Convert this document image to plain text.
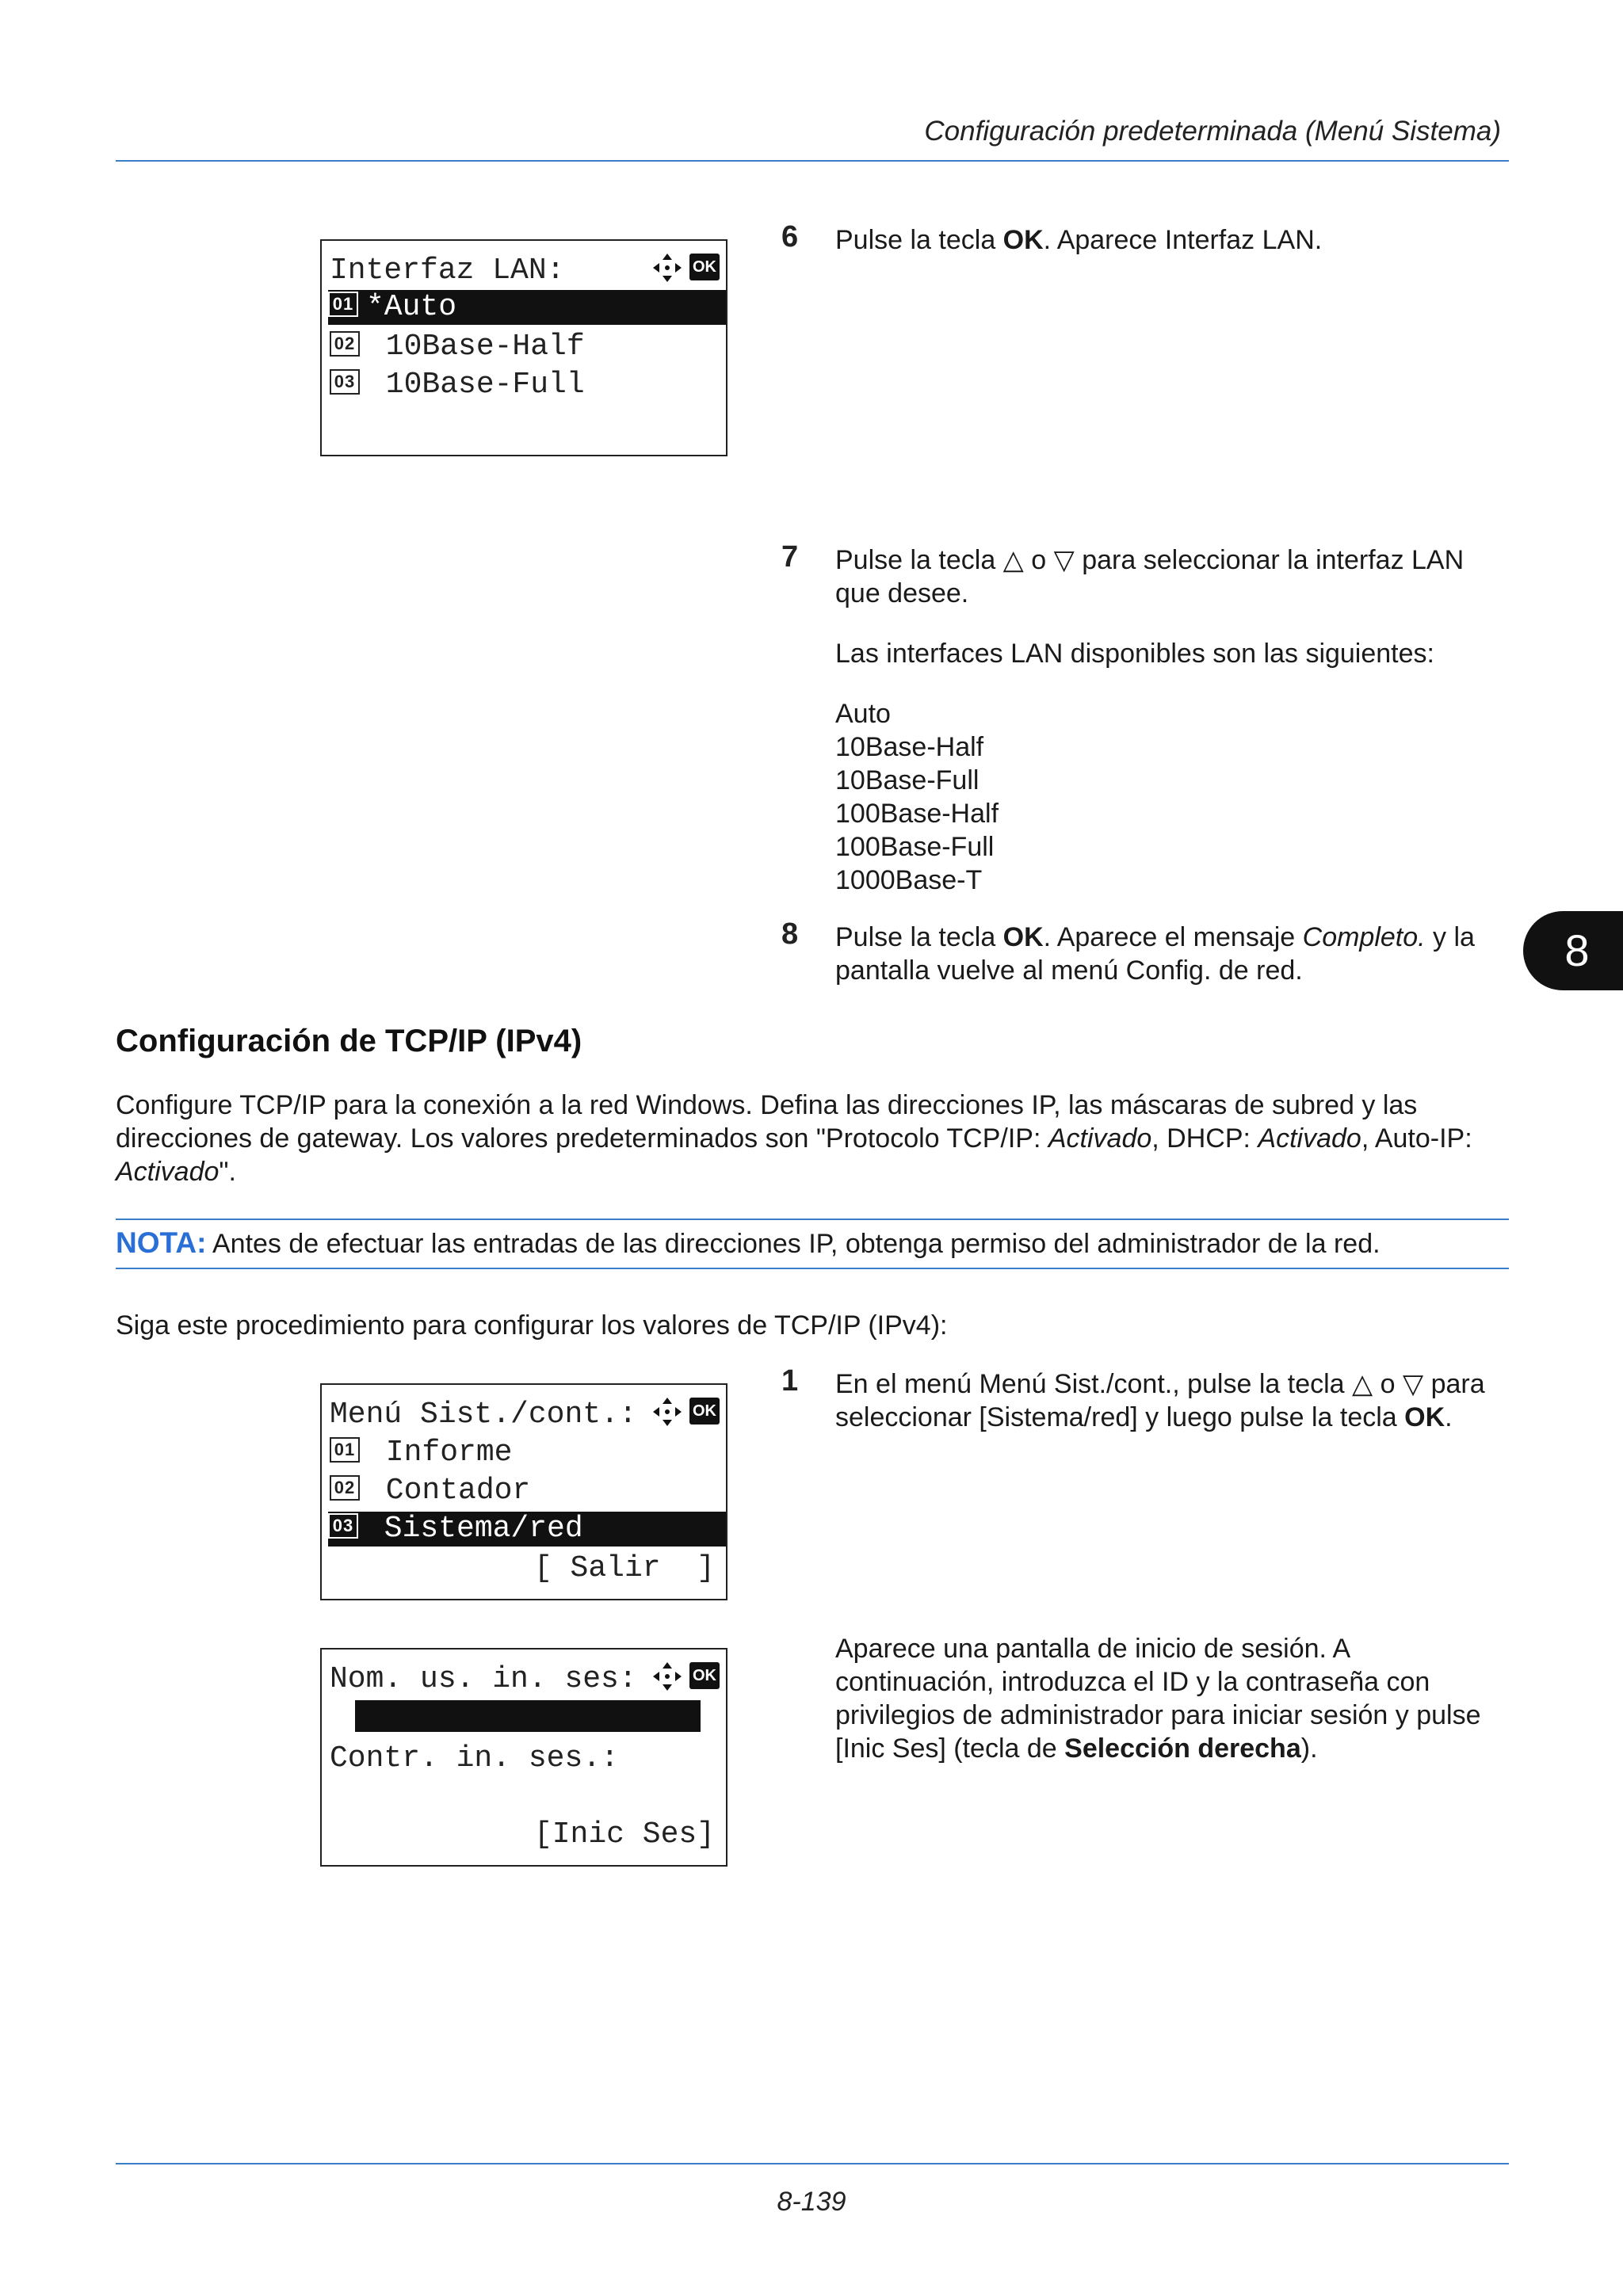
Configuración predeterminada (Menú Sistema)
Interfaz LAN:	OK
01 *Auto
02 10Base-Half
03 10Base-Full
6 Pulse la tecla OK. Aparece Interfaz LAN.
7 Pulse la tecla △ o ▽ para seleccionar la interfaz LAN
que desee.
Las interfaces LAN disponibles son las siguientes:
Auto
10Base-Half
10Base-Full
100Base-Half
100Base-Full
1000Base-T
8 Pulse la tecla OK. Aparece el mensaje Completo. y la
pantalla vuelve al menú Config. de red.	8
Configuración de TCP/IP (IPv4)
Configure TCP/IP para la conexión a la red Windows. Defina las direcciones IP, las máscaras de subred y las
direcciones de gateway. Los valores predeterminados son "Protocolo TCP/IP: Activado, DHCP: Activado, Auto-IP:
Activado".
NOTA: Antes de efectuar las entradas de las direcciones IP, obtenga permiso del administrador de la red.
Siga este procedimiento para configurar los valores de TCP/IP (IPv4):
Menú Sist./cont.:	OK
01 Informe
02 Contador
03 Sistema/red
[ Salir  ]
1 En el menú Menú Sist./cont., pulse la tecla △ o ▽ para
seleccionar [Sistema/red] y luego pulse la tecla OK.
Nom. us. in. ses:	OK
Contr. in. ses.:
[Inic Ses]
Aparece una pantalla de inicio de sesión. A
continuación, introduzca el ID y la contraseña con
privilegios de administrador para iniciar sesión y pulse
[Inic Ses] (tecla de Selección derecha).
8-139
